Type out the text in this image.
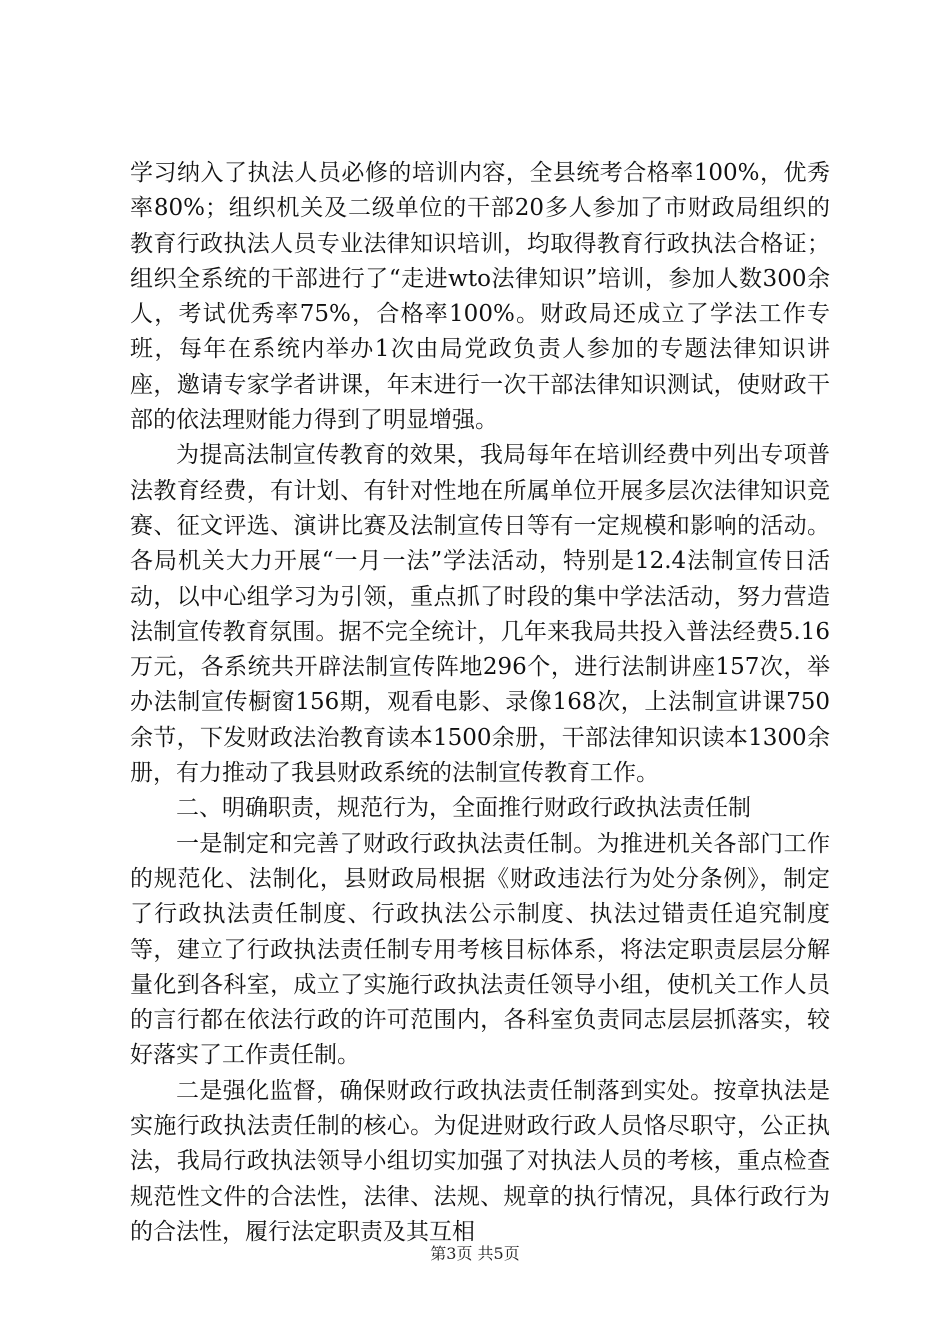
学习纳入了执法人员必修的培训内容，全县统考合格率100%，优秀率80%；组织机关及二级单位的干部20多人参加了市财政局组织的教育行政执法人员专业法律知识培训，均取得教育行政执法合格证；组织全系统的干部进行了“走进wto法律知识”培训，参加人数300余人，考试优秀率75%，合格率100%。财政局还成立了学法工作专班，每年在系统内举办1次由局党政负责人参加的专题法律知识讲座，邀请专家学者讲课，年末进行一次干部法律知识测试，使财政干部的依法理财能力得到了明显增强。

为提高法制宣传教育的效果，我局每年在培训经费中列出专项普法教育经费，有计划、有针对性地在所属单位开展多层次法律知识竞赛、征文评选、演讲比赛及法制宣传日等有一定规模和影响的活动。各局机关大力开展“一月一法”学法活动，特别是12.4法制宣传日活动，以中心组学习为引领，重点抓了时段的集中学法活动，努力营造法制宣传教育氛围。据不完全统计，几年来我局共投入普法经费5.16万元，各系统共开辟法制宣传阵地296个，进行法制讲座157次，举办法制宣传橱窗156期，观看电影、录像168次，上法制宣讲课750余节，下发财政法治教育读本1500余册，干部法律知识读本1300余册，有力推动了我县财政系统的法制宣传教育工作。

二、明确职责，规范行为，全面推行财政行政执法责任制

一是制定和完善了财政行政执法责任制。为推进机关各部门工作的规范化、法制化，县财政局根据《财政违法行为处分条例》，制定了行政执法责任制度、行政执法公示制度、执法过错责任追究制度等，建立了行政执法责任制专用考核目标体系，将法定职责层层分解量化到各科室，成立了实施行政执法责任领导小组，使机关工作人员的言行都在依法行政的许可范围内，各科室负责同志层层抓落实，较好落实了工作责任制。

二是强化监督，确保财政行政执法责任制落到实处。按章执法是实施行政执法责任制的核心。为促进财政行政人员恪尽职守，公正执法，我局行政执法领导小组切实加强了对执法人员的考核，重点检查规范性文件的合法性，法律、法规、规章的执行情况，具体行政行为的合法性，履行法定职责及其互相

第3页 共5页
